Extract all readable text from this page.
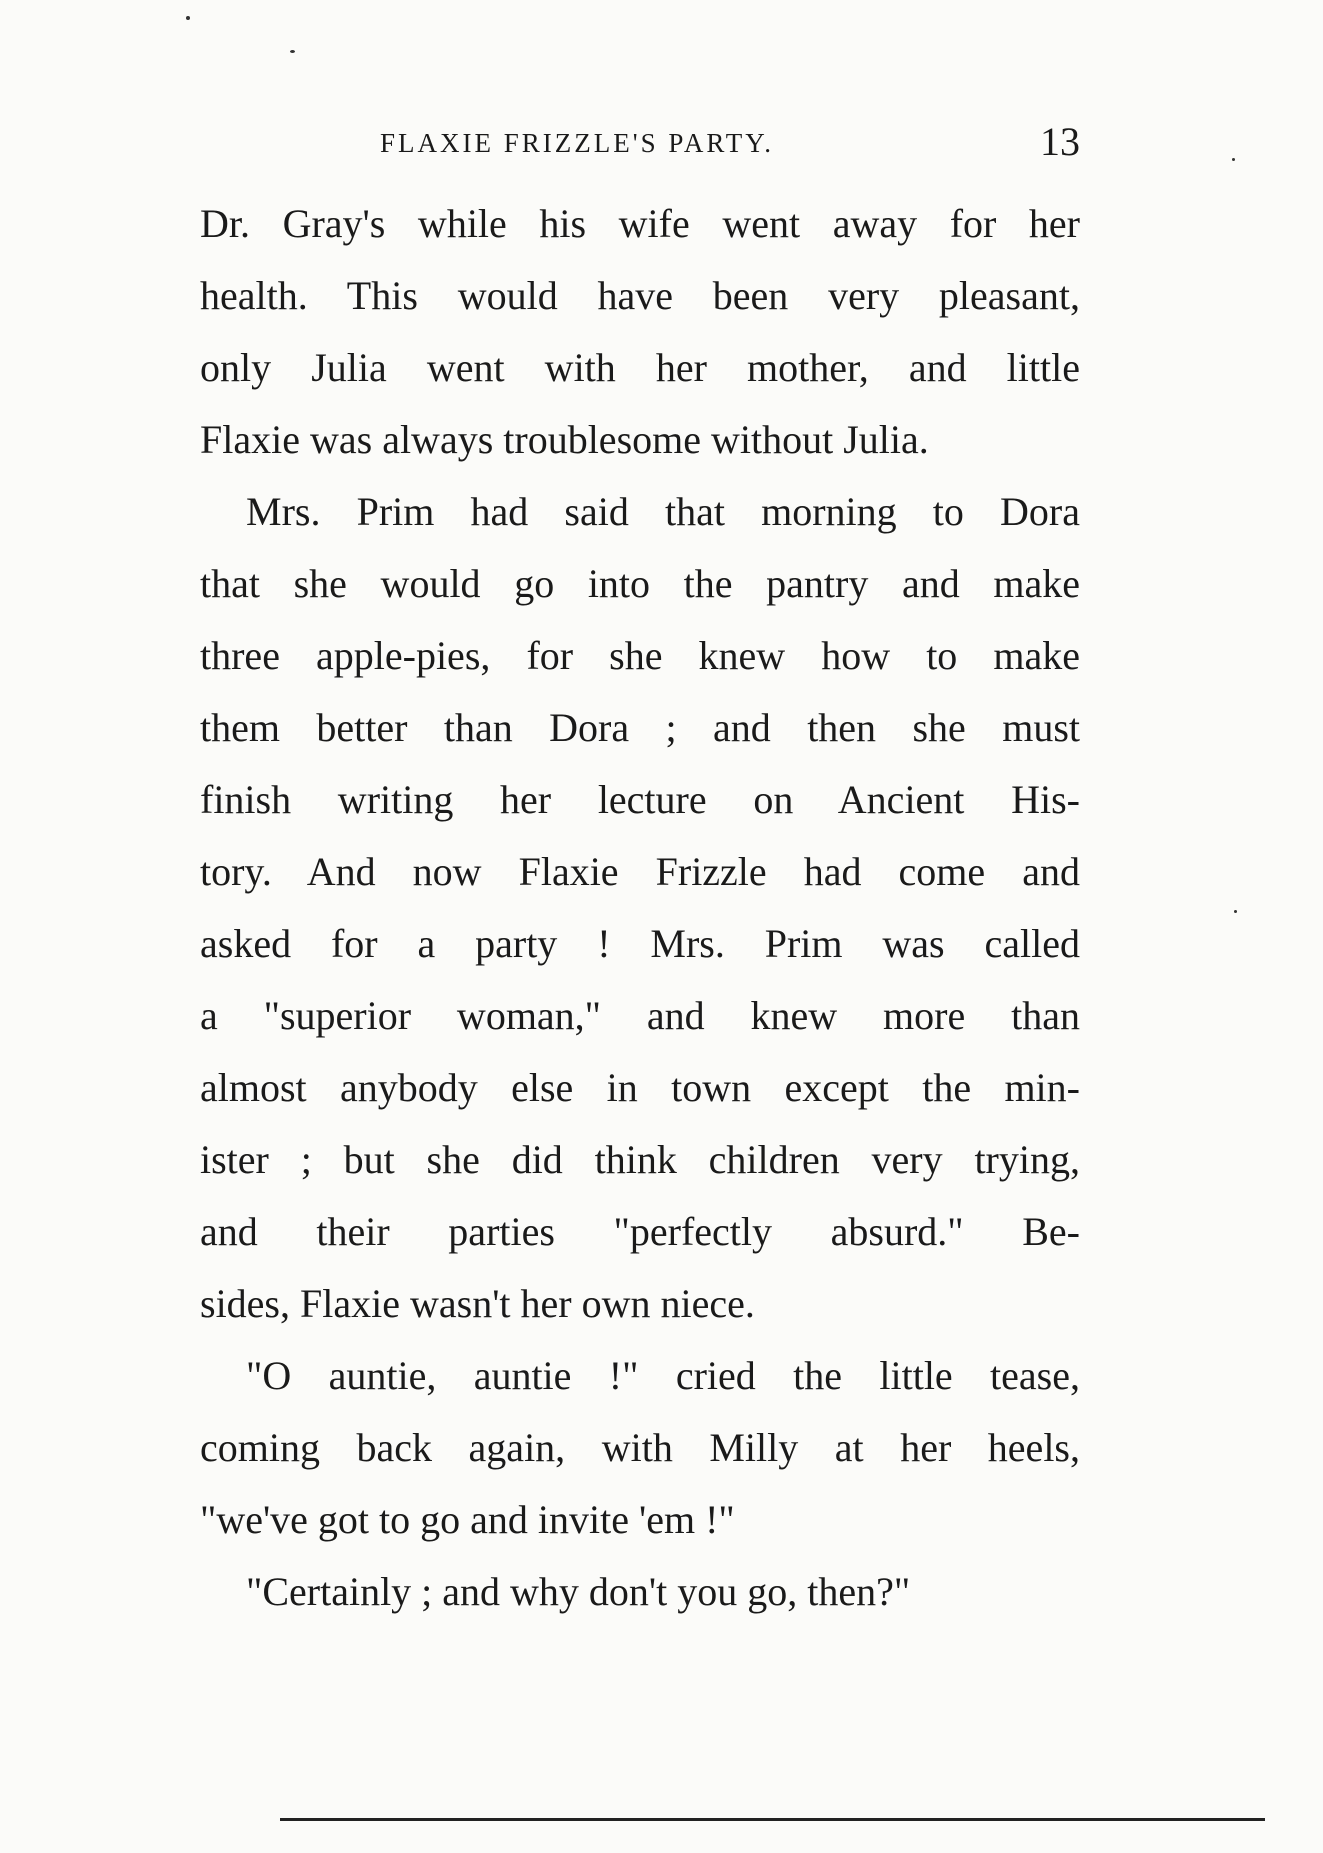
FLAXIE FRIZZLE'S PARTY.	13
Dr. Gray's while his wife went away for her
health. This would have been very pleasant,
only Julia went with her mother, and little
Flaxie was always troublesome without Julia.
Mrs. Prim had said that morning to Dora
that she would go into the pantry and make
three apple-pies, for she knew how to make
them better than Dora ; and then she must
finish writing her lecture on Ancient His-
tory. And now Flaxie Frizzle had come and
asked for a party ! Mrs. Prim was called
a "superior woman," and knew more than
almost anybody else in town except the min-
ister ; but she did think children very trying,
and their parties "perfectly absurd." Be-
sides, Flaxie wasn't her own niece.
"O auntie, auntie !" cried the little tease,
coming back again, with Milly at her heels,
"we've got to go and invite 'em !"
"Certainly ; and why don't you go, then?"
